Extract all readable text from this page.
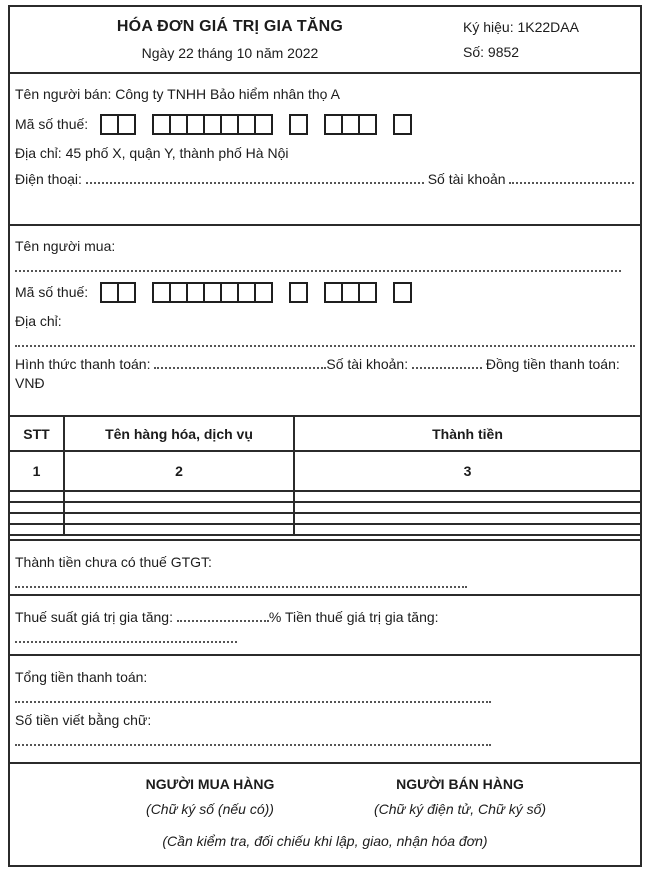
HÓA ĐƠN GIÁ TRỊ GIA TĂNG
Ngày 22 tháng 10 năm 2022
Ký hiệu: 1K22DAA
Số: 9852

Tên người bán: Công ty TNHH Bảo hiểm nhân thọ A

Mã số thuế:

Địa chỉ: 45 phố X, quận Y, thành phố Hà Nội

Điện thoại:	Số tài khoản

Tên người mua:

Mã số thuế:

Địa chỉ:

Hình thức thanh toán:	Số tài khoản:	Đồng tiền thanh toán: VNĐ

STT	Tên hàng hóa, dịch vụ	Thành tiền
1	2	3

Thành tiền chưa có thuế GTGT:

Thuế suất giá trị gia tăng:	% Tiền thuế giá trị gia tăng:

Tổng tiền thanh toán:

Số tiền viết bằng chữ:

NGƯỜI MUA HÀNG
(Chữ ký số (nếu có))
NGƯỜI BÁN HÀNG
(Chữ ký điện tử, Chữ ký số)
(Cần kiểm tra, đối chiếu khi lập, giao, nhận hóa đơn)
